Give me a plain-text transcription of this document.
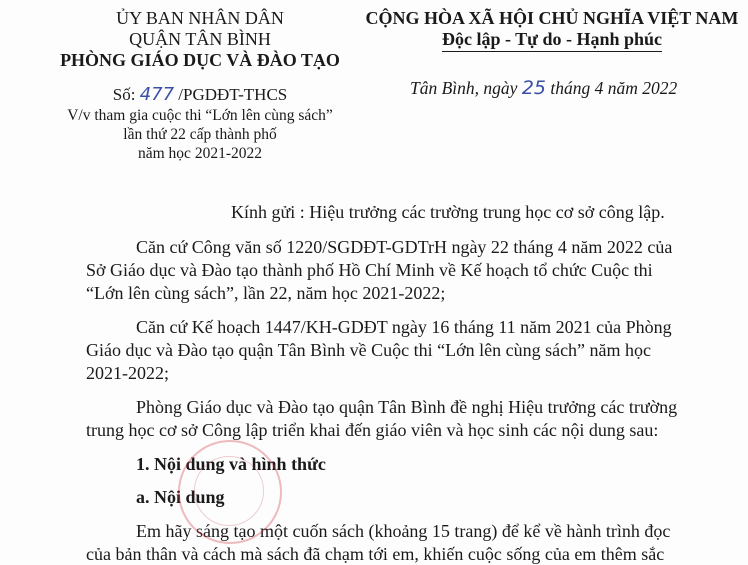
ỦY BAN NHÂN DÂN
QUẬN TÂN BÌNH
PHÒNG GIÁO DỤC VÀ ĐÀO TẠO
CỘNG HÒA XÃ HỘI CHỦ NGHĨA VIỆT NAM
Độc lập - Tự do - Hạnh phúc
Số: 477 /PGDĐT-THCS
V/v tham gia cuộc thi “Lớn lên cùng sách”
lần thứ 22 cấp thành phố
năm học 2021-2022
Tân Bình, ngày 25 tháng 4 năm 2022
Kính gửi : Hiệu trưởng các trường trung học cơ sở công lập.
Căn cứ Công văn số 1220/SGDĐT-GDTrH ngày 22 tháng 4 năm 2022 của
Sở Giáo dục và Đào tạo thành phố Hồ Chí Minh về Kế hoạch tổ chức Cuộc thi
“Lớn lên cùng sách”, lần 22, năm học 2021-2022;
Căn cứ Kế hoạch 1447/KH-GDĐT ngày 16 tháng 11 năm 2021 của Phòng
Giáo dục và Đào tạo quận Tân Bình về Cuộc thi “Lớn lên cùng sách” năm học
2021-2022;
Phòng Giáo dục và Đào tạo quận Tân Bình đề nghị Hiệu trưởng các trường
trung học cơ sở Công lập triển khai đến giáo viên và học sinh các nội dung sau:
1. Nội dung và hình thức
a. Nội dung
Em hãy sáng tạo một cuốn sách (khoảng 15 trang) để kể về hành trình đọc
của bản thân và cách mà sách đã chạm tới em, khiến cuộc sống của em thêm sắc
